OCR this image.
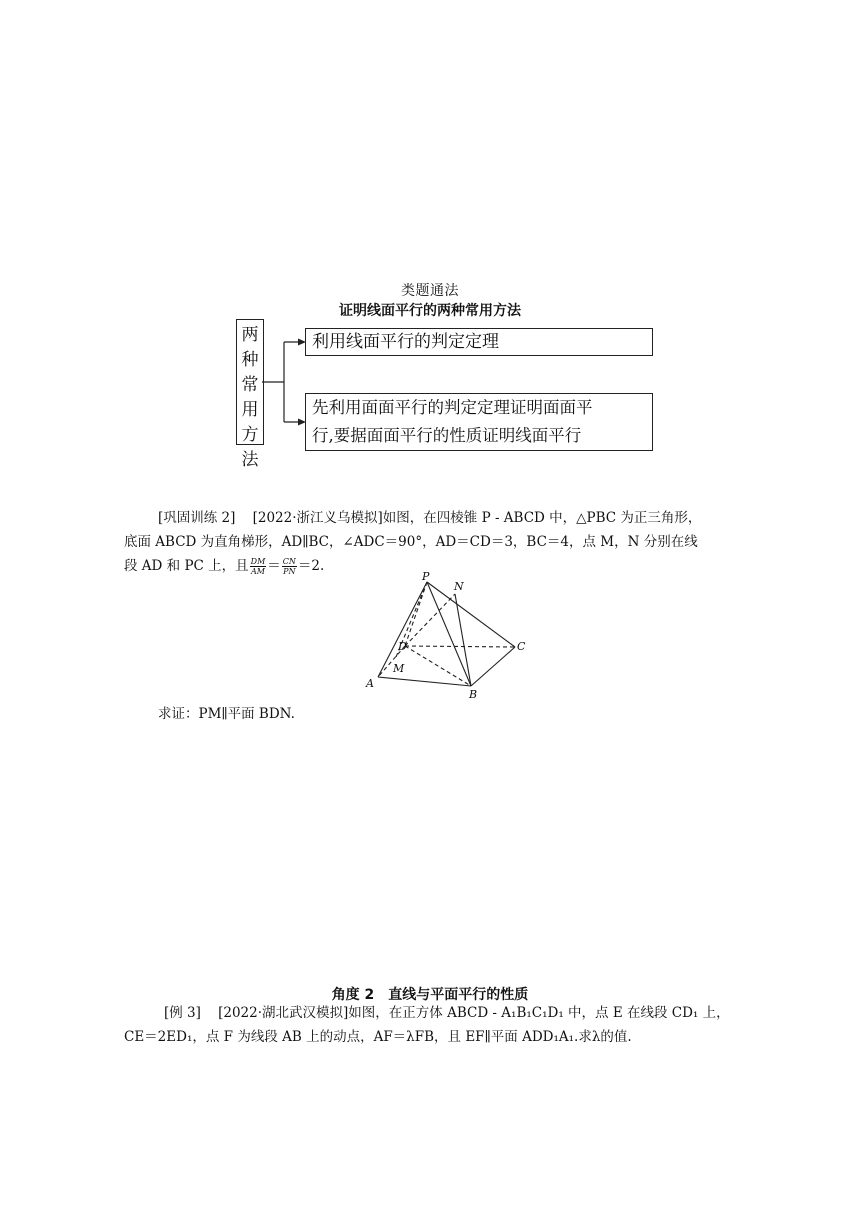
类题通法
证明线面平行的两种常用方法
两
种
常
用
方
法
利用线面平行的判定定理
先利用面面平行的判定定理证明面面平
行,要据面面平行的性质证明线面平行
[巩固训练 2] [2022·浙江义乌模拟]如图，在四棱锥 P - ABCD 中，△PBC 为正三角形，
底面 ABCD 为直角梯形，AD∥BC，∠ADC＝90°，AD＝CD＝3，BC＝4，点 M，N 分别在线
段 AD 和 PC 上，且 $\frac{DM}{AM} = \frac{CN}{PN} =2$.
P
N
D	C
M
A
B
求证：PM∥平面 BDN.
角度 2　直线与平面平行的性质
[例 3] [2022·湖北武汉模拟]如图，在正方体 ABCD - A₁B₁C₁D₁ 中，点 E 在线段 CD₁ 上，
CE＝2ED₁，点 F 为线段 AB 上的动点，AF＝λFB，且 EF∥平面 ADD₁A₁.求λ的值.
